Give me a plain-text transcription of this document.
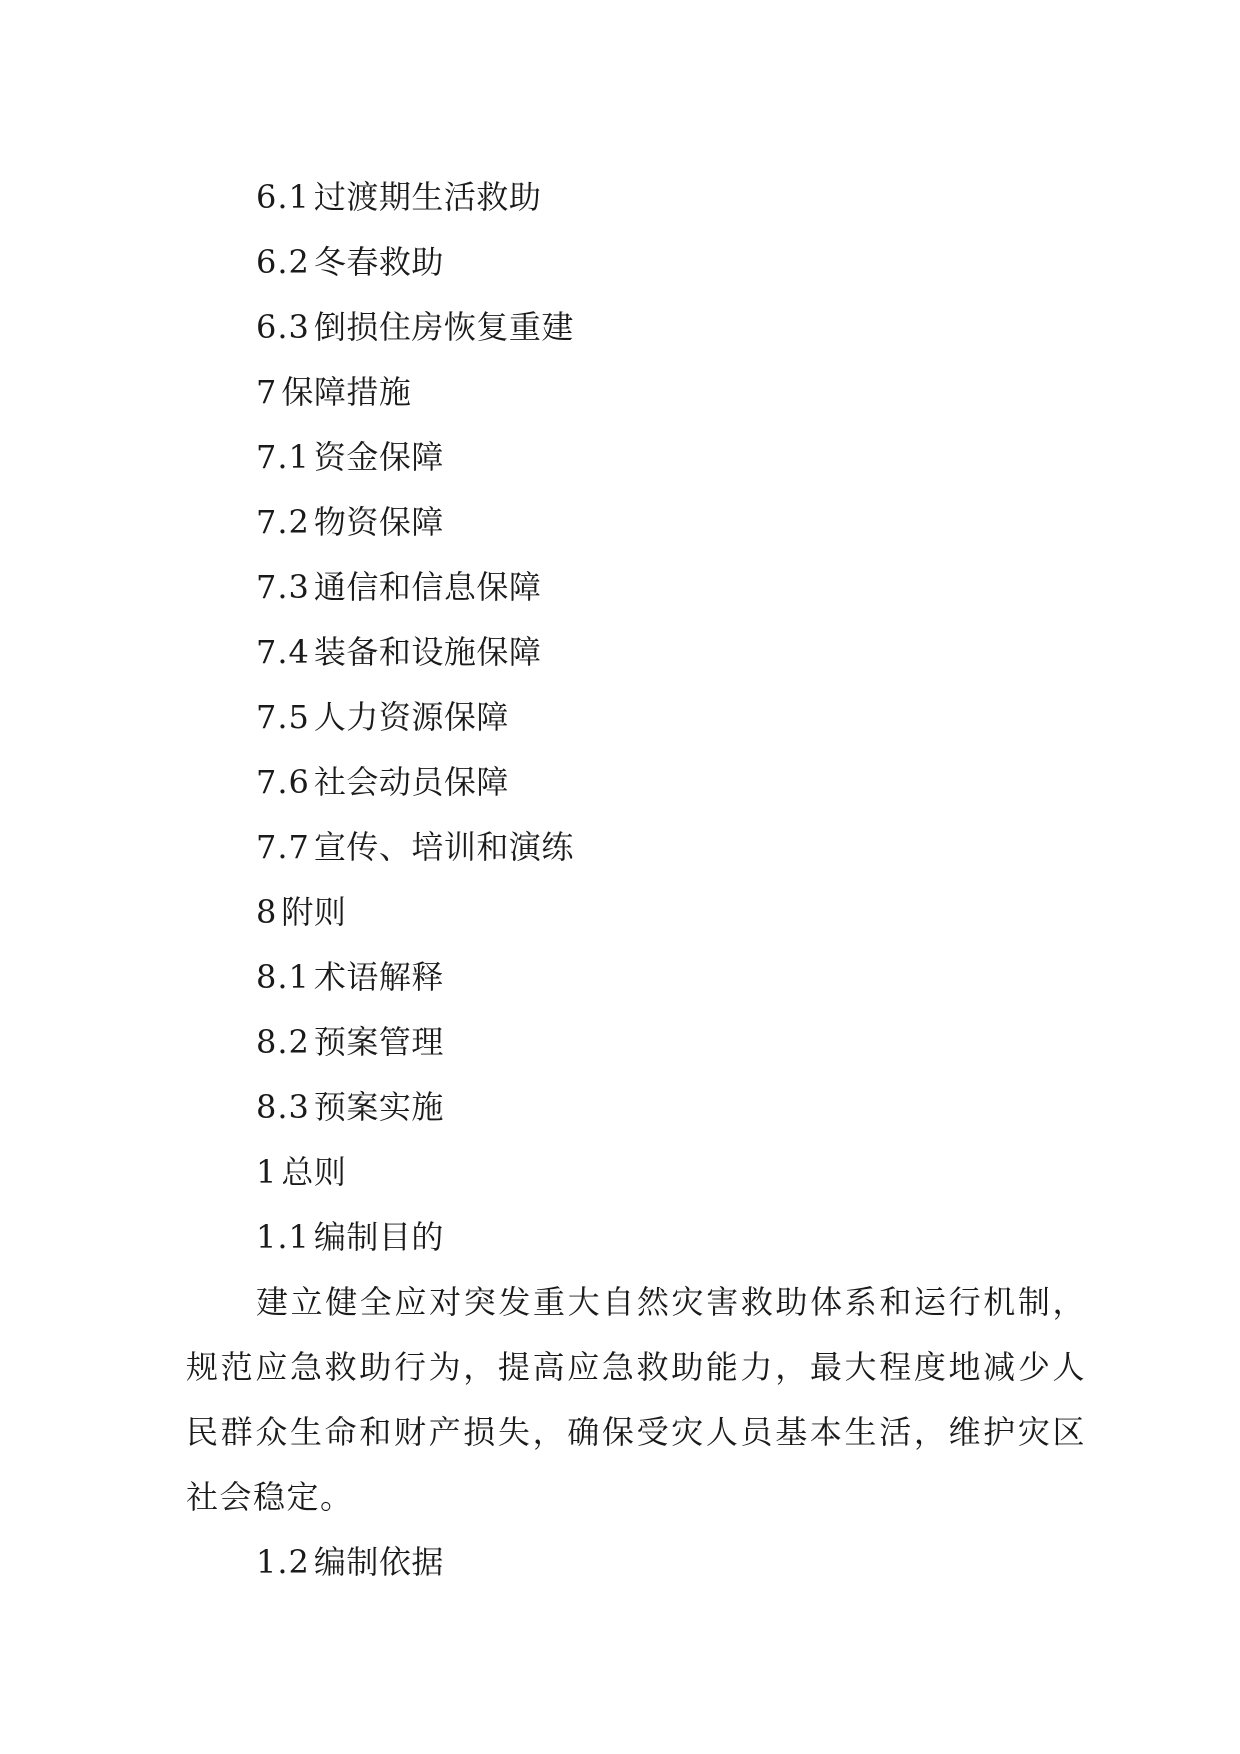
6.1 过渡期生活救助
6.2 冬春救助
6.3 倒损住房恢复重建
7 保障措施
7.1 资金保障
7.2 物资保障
7.3 通信和信息保障
7.4 装备和设施保障
7.5 人力资源保障
7.6 社会动员保障
7.7 宣传、培训和演练
8 附则
8.1 术语解释
8.2 预案管理
8.3 预案实施
1 总则
1.1 编制目的

建立健全应对突发重大自然灾害救助体系和运行机制，规范应急救助行为，提高应急救助能力，最大程度地减少人民群众生命和财产损失，确保受灾人员基本生活，维护灾区社会稳定。

1.2 编制依据
